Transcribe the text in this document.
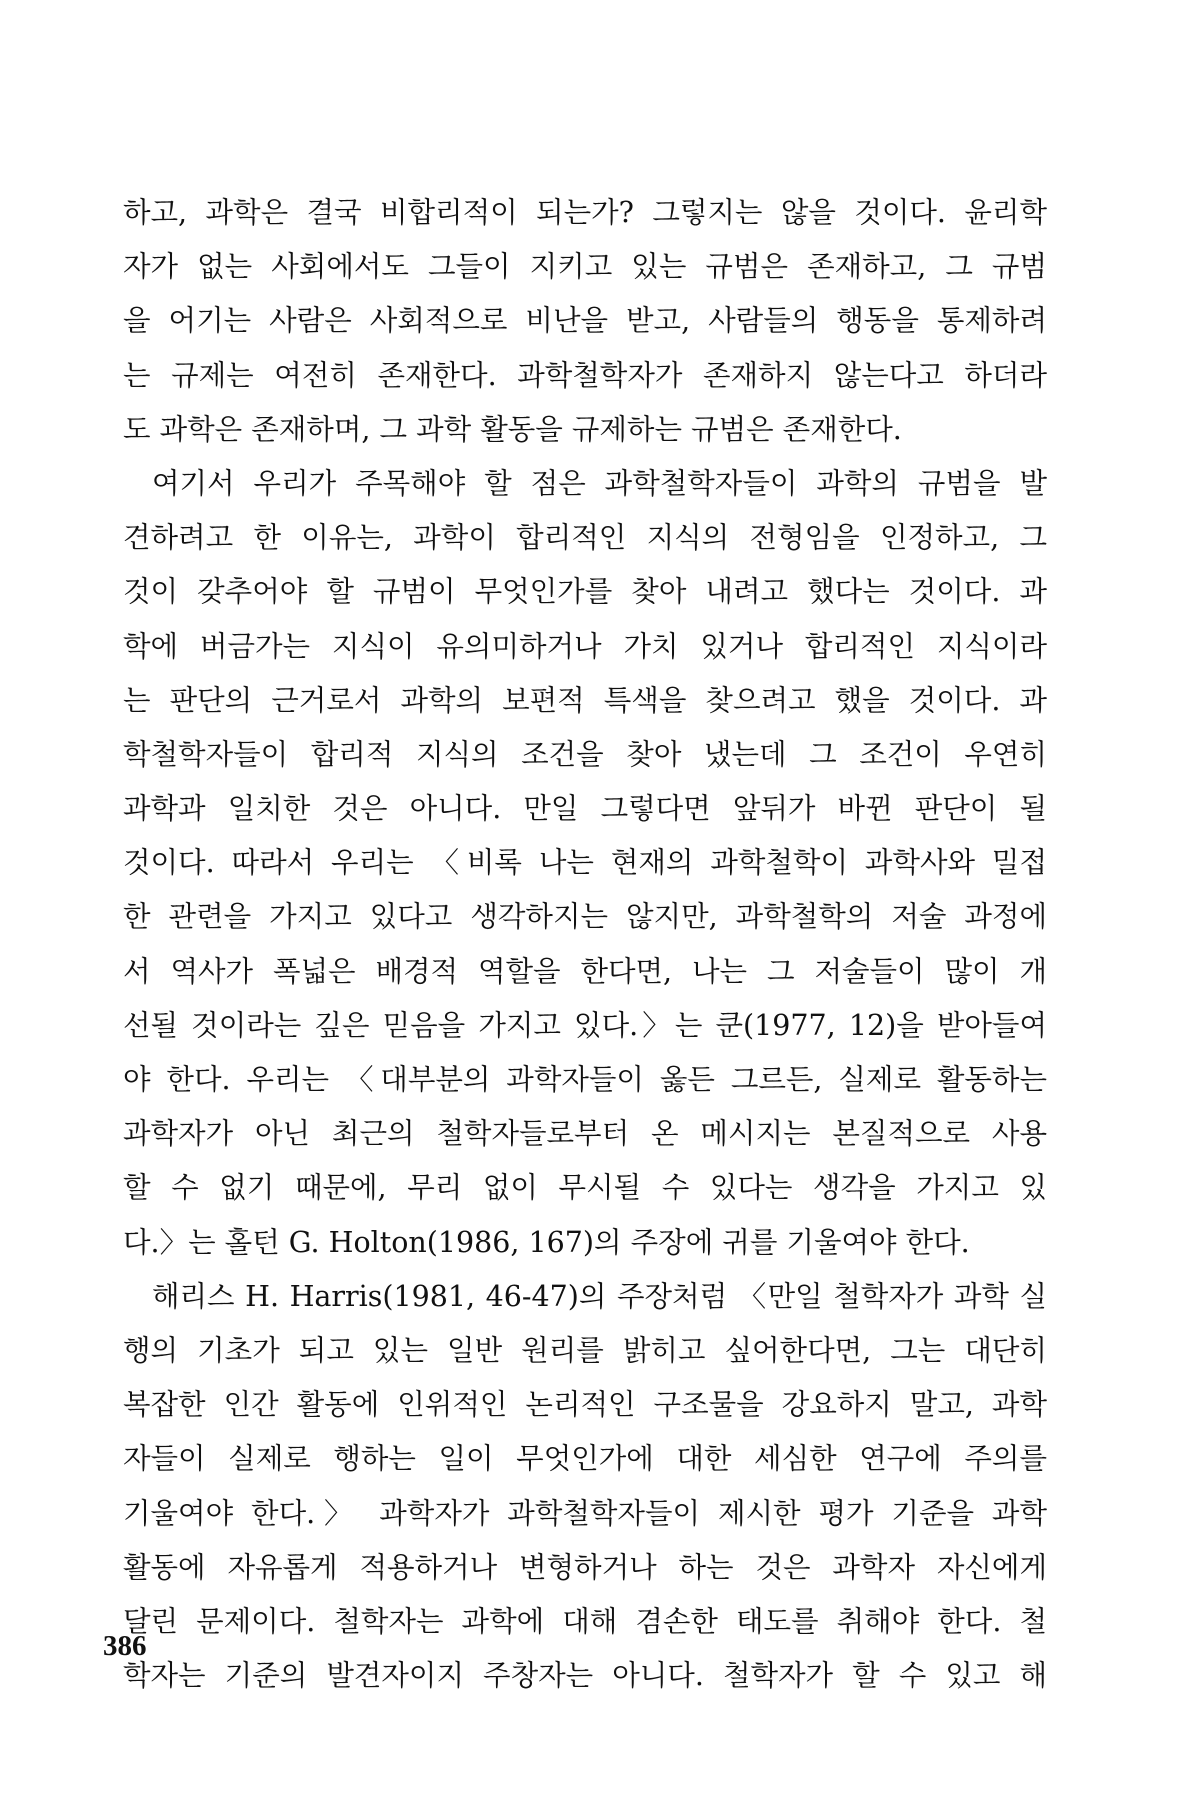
하고, 과학은 결국 비합리적이 되는가? 그렇지는 않을 것이다. 윤리학
자가 없는 사회에서도 그들이 지키고 있는 규범은 존재하고, 그 규범
을 어기는 사람은 사회적으로 비난을 받고, 사람들의 행동을 통제하려
는 규제는 여전히 존재한다. 과학철학자가 존재하지 않는다고 하더라
도 과학은 존재하며, 그 과학 활동을 규제하는 규범은 존재한다.
여기서 우리가 주목해야 할 점은 과학철학자들이 과학의 규범을 발
견하려고 한 이유는, 과학이 합리적인 지식의 전형임을 인정하고, 그
것이 갖추어야 할 규범이 무엇인가를 찾아 내려고 했다는 것이다. 과
학에 버금가는 지식이 유의미하거나 가치 있거나 합리적인 지식이라
는 판단의 근거로서 과학의 보편적 특색을 찾으려고 했을 것이다. 과
학철학자들이 합리적 지식의 조건을 찾아 냈는데 그 조건이 우연히
과학과 일치한 것은 아니다. 만일 그렇다면 앞뒤가 바뀐 판단이 될
것이다. 따라서 우리는 〈비록 나는 현재의 과학철학이 과학사와 밀접
한 관련을 가지고 있다고 생각하지는 않지만, 과학철학의 저술 과정에
서 역사가 폭넓은 배경적 역할을 한다면, 나는 그 저술들이 많이 개
선될 것이라는 깊은 믿음을 가지고 있다.〉는 쿤(1977, 12)을 받아들여
야 한다. 우리는 〈대부분의 과학자들이 옳든 그르든, 실제로 활동하는
과학자가 아닌 최근의 철학자들로부터 온 메시지는 본질적으로 사용
할 수 없기 때문에, 무리 없이 무시될 수 있다는 생각을 가지고 있
다.〉는 홀턴 G. Holton(1986, 167)의 주장에 귀를 기울여야 한다.
해리스 H. Harris(1981, 46-47)의 주장처럼 〈만일 철학자가 과학 실
행의 기초가 되고 있는 일반 원리를 밝히고 싶어한다면, 그는 대단히
복잡한 인간 활동에 인위적인 논리적인 구조물을 강요하지 말고, 과학
자들이 실제로 행하는 일이 무엇인가에 대한 세심한 연구에 주의를
기울여야 한다.〉 과학자가 과학철학자들이 제시한 평가 기준을 과학
활동에 자유롭게 적용하거나 변형하거나 하는 것은 과학자 자신에게
달린 문제이다. 철학자는 과학에 대해 겸손한 태도를 취해야 한다. 철
학자는 기준의 발견자이지 주창자는 아니다. 철학자가 할 수 있고 해
386
